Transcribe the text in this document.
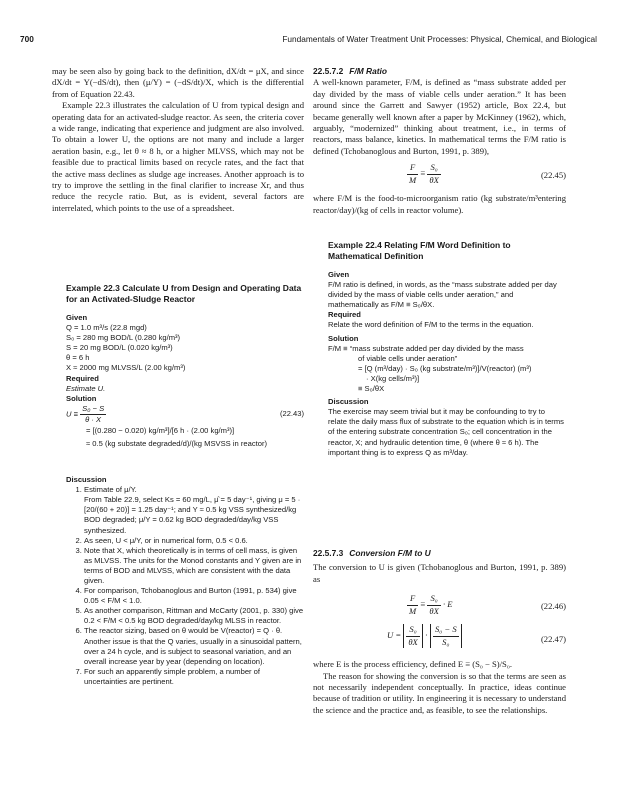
700	Fundamentals of Water Treatment Unit Processes: Physical, Chemical, and Biological

may be seen also by going back to the definition, dX/dt = μX, and since dX/dt = Y(−dS/dt), then (μ/Y) = (−dS/dt)/X, which is the differential from of Equation 22.43.

Example 22.3 illustrates the calculation of U from typical design and operating data for an activated-sludge reactor. As seen, the criteria cover a wide range, indicating that experience and judgment are also involved. To obtain a lower U, the options are not many and include a larger aeration basin, e.g., let θ ≈ 8 h, or a higher MLVSS, which may not be feasible due to practical limits based on recycle rates, and the fact that the active mass declines as sludge age increases. Another approach is to try to improve the settling in the final clarifier to increase Xr, and thus reduce the recycle ratio. But, as is evident, several factors are interrelated, which points to the use of a spreadsheet.

Example 22.3 Calculate U from Design and Operating Data for an Activated-Sludge Reactor

Given

Q = 1.0 m³/s (22.8 mgd)

S₀ = 280 mg BOD/L (0.280 kg/m³)

S = 20 mg BOD/L (0.020 kg/m³)

θ = 6 h

X ≈ 2000 mg MLVSS/L (2.00 kg/m³)

Required

Estimate U.

Solution

$U \equiv \frac{\text{S₀ − S}}{\theta \cdot X}$	(22.43)

= [(0.280 − 0.020) kg/m³]/[6 h · (2.00 kg/m³)]

≈ 0.5 (kg substate degraded/d)/(kg MSVSS in reactor)

Discussion

1. Estimate of μ/Y.
From Table 22.9, select Ks = 60 mg/L, μ̂ = 5 day⁻¹, giving μ = 5 · [20/(60 + 20)] = 1.25 day⁻¹; and Y ≈ 0.5 kg VSS synthesized/kg BOD degraded; μ/Y = 0.62 kg BOD degraded/day/kg VSS synthesized.
2. As seen, U < μ/Y, or in numerical form, 0.5 < 0.6.
3. Note that X, which theoretically is in terms of cell mass, is given as MLVSS. The units for the Monod constants and Y given are in terms of BOD and MLVSS, which are consistent with the data given.
4. For comparison, Tchobanoglous and Burton (1991, p. 534) give 0.05 < F/M < 1.0.
5. As another comparison, Rittman and McCarty (2001, p. 330) give 0.2 < F/M < 0.5 kg BOD degraded/day/kg MLSS in reactor.
6. The reactor sizing, based on θ would be V(reactor) = Q · θ. Another issue is that the Q varies, usually in a sinusoidal pattern, over a 24 h cycle, and is subject to seasonal variation, and an overall increase year by year (depending on location).
7. For such an apparently simple problem, a number of uncertainties are pertinent.

22.5.7.2 F/M Ratio

A well-known parameter, F/M, is defined as “mass substrate added per day divided by the mass of viable cells under aeration.” It has been around since the Garrett and Sawyer (1952) article, Box 22.4, but became generally well known after a paper by McKinney (1962), which, arguably, “modernized” thinking about treatment, i.e., in terms of reactors, mass balance, kinetics. In mathematical terms the F/M ratio is defined (Tchobanoglous and Burton, 1991, p. 389),

$\frac{F}{M} \equiv \frac{\text{S₀}}{\theta X}$	(22.45)

where F/M is the food-to-microorganism ratio (kg substrate/m³entering reactor/day)/(kg of cells in reactor volume).

Example 22.4 Relating F/M Word Definition to Mathematical Definition

Given

F/M ratio is defined, in words, as the “mass substrate added per day divided by the mass of viable cells under aeration,” and mathematically as F/M ≡ S₀/θX.

Required

Relate the word definition of F/M to the terms in the equation.

Solution

F/M ≡ “mass substrate added per day divided by the mass

of viable cells under aeration”

= [Q (m³/day) · S₀ (kg substrate/m³)]/V(reactor) (m³)

· X(kg cells/m³)]

≡ S₀/θX

Discussion

The exercise may seem trivial but it may be confounding to try to relate the daily mass flux of substrate to the equation which is in terms of the entering substrate concentration S₀; cell concentration in the reactor, X; and hydraulic detention time, θ (where θ ≈ 6 h). The important thing is to express Q as m³/day.

22.5.7.3 Conversion F/M to U

The conversion to U is given (Tchobanoglous and Burton, 1991, p. 389) as

$\frac{F}{M} \equiv \frac{\text{S₀}}{\theta X} \cdot E$	(22.46)
$U = \frac{\text{S₀}}{\theta X} \cdot \frac{\text{S₀ − S}}{\text{S₀}}$	(22.47)

where E is the process efficiency, defined E ≡ (S₀ − S)/S₀.

The reason for showing the conversion is so that the terms are seen as not necessarily independent conceptually. In practice, ideas continue because of tradition or utility. In engineering it is necessary to understand the science and the practice and, as feasible, to see the relationships.
